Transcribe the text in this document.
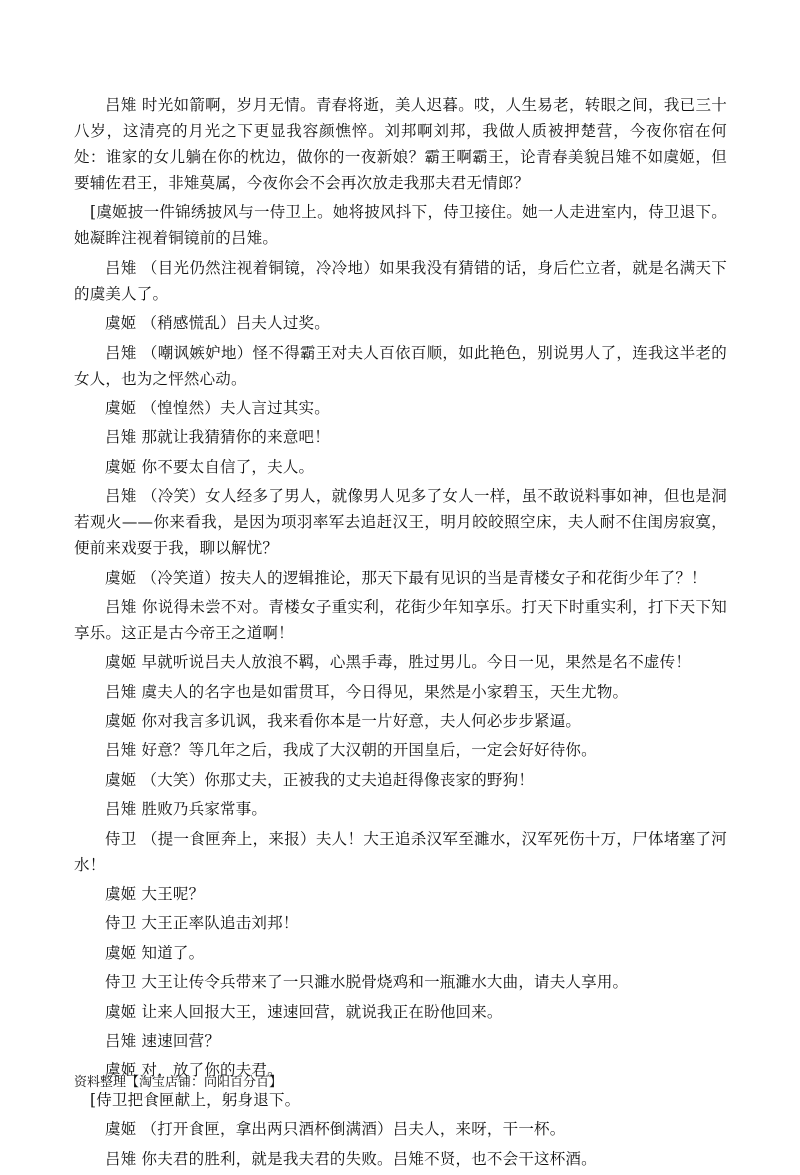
吕雉 时光如箭啊，岁月无情。青春将逝，美人迟暮。哎，人生易老，转眼之间，我已三十八岁，这清亮的月光之下更显我容颜憔悴。刘邦啊刘邦，我做人质被押楚营，今夜你宿在何处：谁家的女儿躺在你的枕边，做你的一夜新娘？霸王啊霸王，论青春美貌吕雉不如虞姬，但要辅佐君王，非雉莫属，今夜你会不会再次放走我那夫君无情郎？

[虞姬披一件锦绣披风与一侍卫上。她将披风抖下，侍卫接住。她一人走进室内，侍卫退下。她凝眸注视着铜镜前的吕雉。

吕雉 （目光仍然注视着铜镜，冷冷地）如果我没有猜错的话，身后伫立者，就是名满天下的虞美人了。

虞姬 （稍感慌乱）吕夫人过奖。

吕雉 （嘲讽嫉妒地）怪不得霸王对夫人百依百顺，如此艳色，别说男人了，连我这半老的女人，也为之怦然心动。

虞姬 （惶惶然）夫人言过其实。

吕雉 那就让我猜猜你的来意吧！

虞姬 你不要太自信了，夫人。

吕雉 （冷笑）女人经多了男人，就像男人见多了女人一样，虽不敢说料事如神，但也是洞若观火——你来看我，是因为项羽率军去追赶汉王，明月皎皎照空床，夫人耐不住闺房寂寞，便前来戏耍于我，聊以解忧？

虞姬 （冷笑道）按夫人的逻辑推论，那天下最有见识的当是青楼女子和花街少年了？！

吕雉 你说得未尝不对。青楼女子重实利，花街少年知享乐。打天下时重实利，打下天下知享乐。这正是古今帝王之道啊！

虞姬 早就听说吕夫人放浪不羁，心黑手毒，胜过男儿。今日一见，果然是名不虚传！

吕雉 虞夫人的名字也是如雷贯耳，今日得见，果然是小家碧玉，天生尤物。

虞姬 你对我言多讥讽，我来看你本是一片好意，夫人何必步步紧逼。

吕雉 好意？等几年之后，我成了大汉朝的开国皇后，一定会好好待你。

虞姬 （大笑）你那丈夫，正被我的丈夫追赶得像丧家的野狗！

吕雉 胜败乃兵家常事。

侍卫 （提一食匣奔上，来报）夫人！大王追杀汉军至濉水，汉军死伤十万，尸体堵塞了河水！

虞姬 大王呢？

侍卫 大王正率队追击刘邦！

虞姬 知道了。

侍卫 大王让传令兵带来了一只濉水脱骨烧鸡和一瓶濉水大曲，请夫人享用。

虞姬 让来人回报大王，速速回营，就说我正在盼他回来。

吕雉 速速回营？

虞姬 对，放了你的夫君。

[侍卫把食匣献上，躬身退下。

虞姬 （打开食匣，拿出两只酒杯倒满酒）吕夫人，来呀，干一杯。

吕雉 你夫君的胜利，就是我夫君的失败。吕雉不贤，也不会干这杯酒。

资料整理【淘宝店铺：向阳百分百】
